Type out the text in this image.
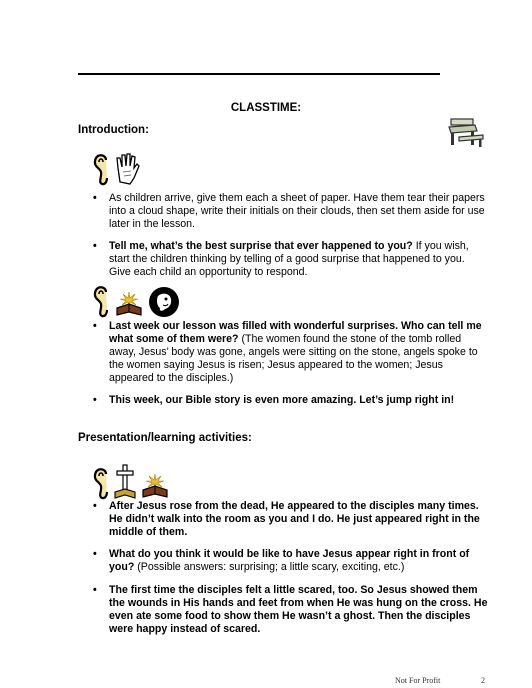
CLASSTIME:
Introduction:
• As children arrive, give them each a sheet of paper. Have them tear their papers into a cloud shape, write their initials on their clouds, then set them aside for use later in the lesson.
• Tell me, what’s the best surprise that ever happened to you? If you wish, start the children thinking by telling of a good surprise that happened to you. Give each child an opportunity to respond.
• Last week our lesson was filled with wonderful surprises. Who can tell me what some of them were? (The women found the stone of the tomb rolled away, Jesus’ body was gone, angels were sitting on the stone, angels spoke to the women saying Jesus is risen; Jesus appeared to the women; Jesus appeared to the disciples.)
• This week, our Bible story is even more amazing. Let’s jump right in!
Presentation/learning activities:
• After Jesus rose from the dead, He appeared to the disciples many times. He didn’t walk into the room as you and I do. He just appeared right in the middle of them.
• What do you think it would be like to have Jesus appear right in front of you? (Possible answers: surprising; a little scary, exciting, etc.)
• The first time the disciples felt a little scared, too. So Jesus showed them the wounds in His hands and feet from when He was hung on the cross. He even ate some food to show them He wasn’t a ghost. Then the disciples were happy instead of scared.
Not For Profit	2
